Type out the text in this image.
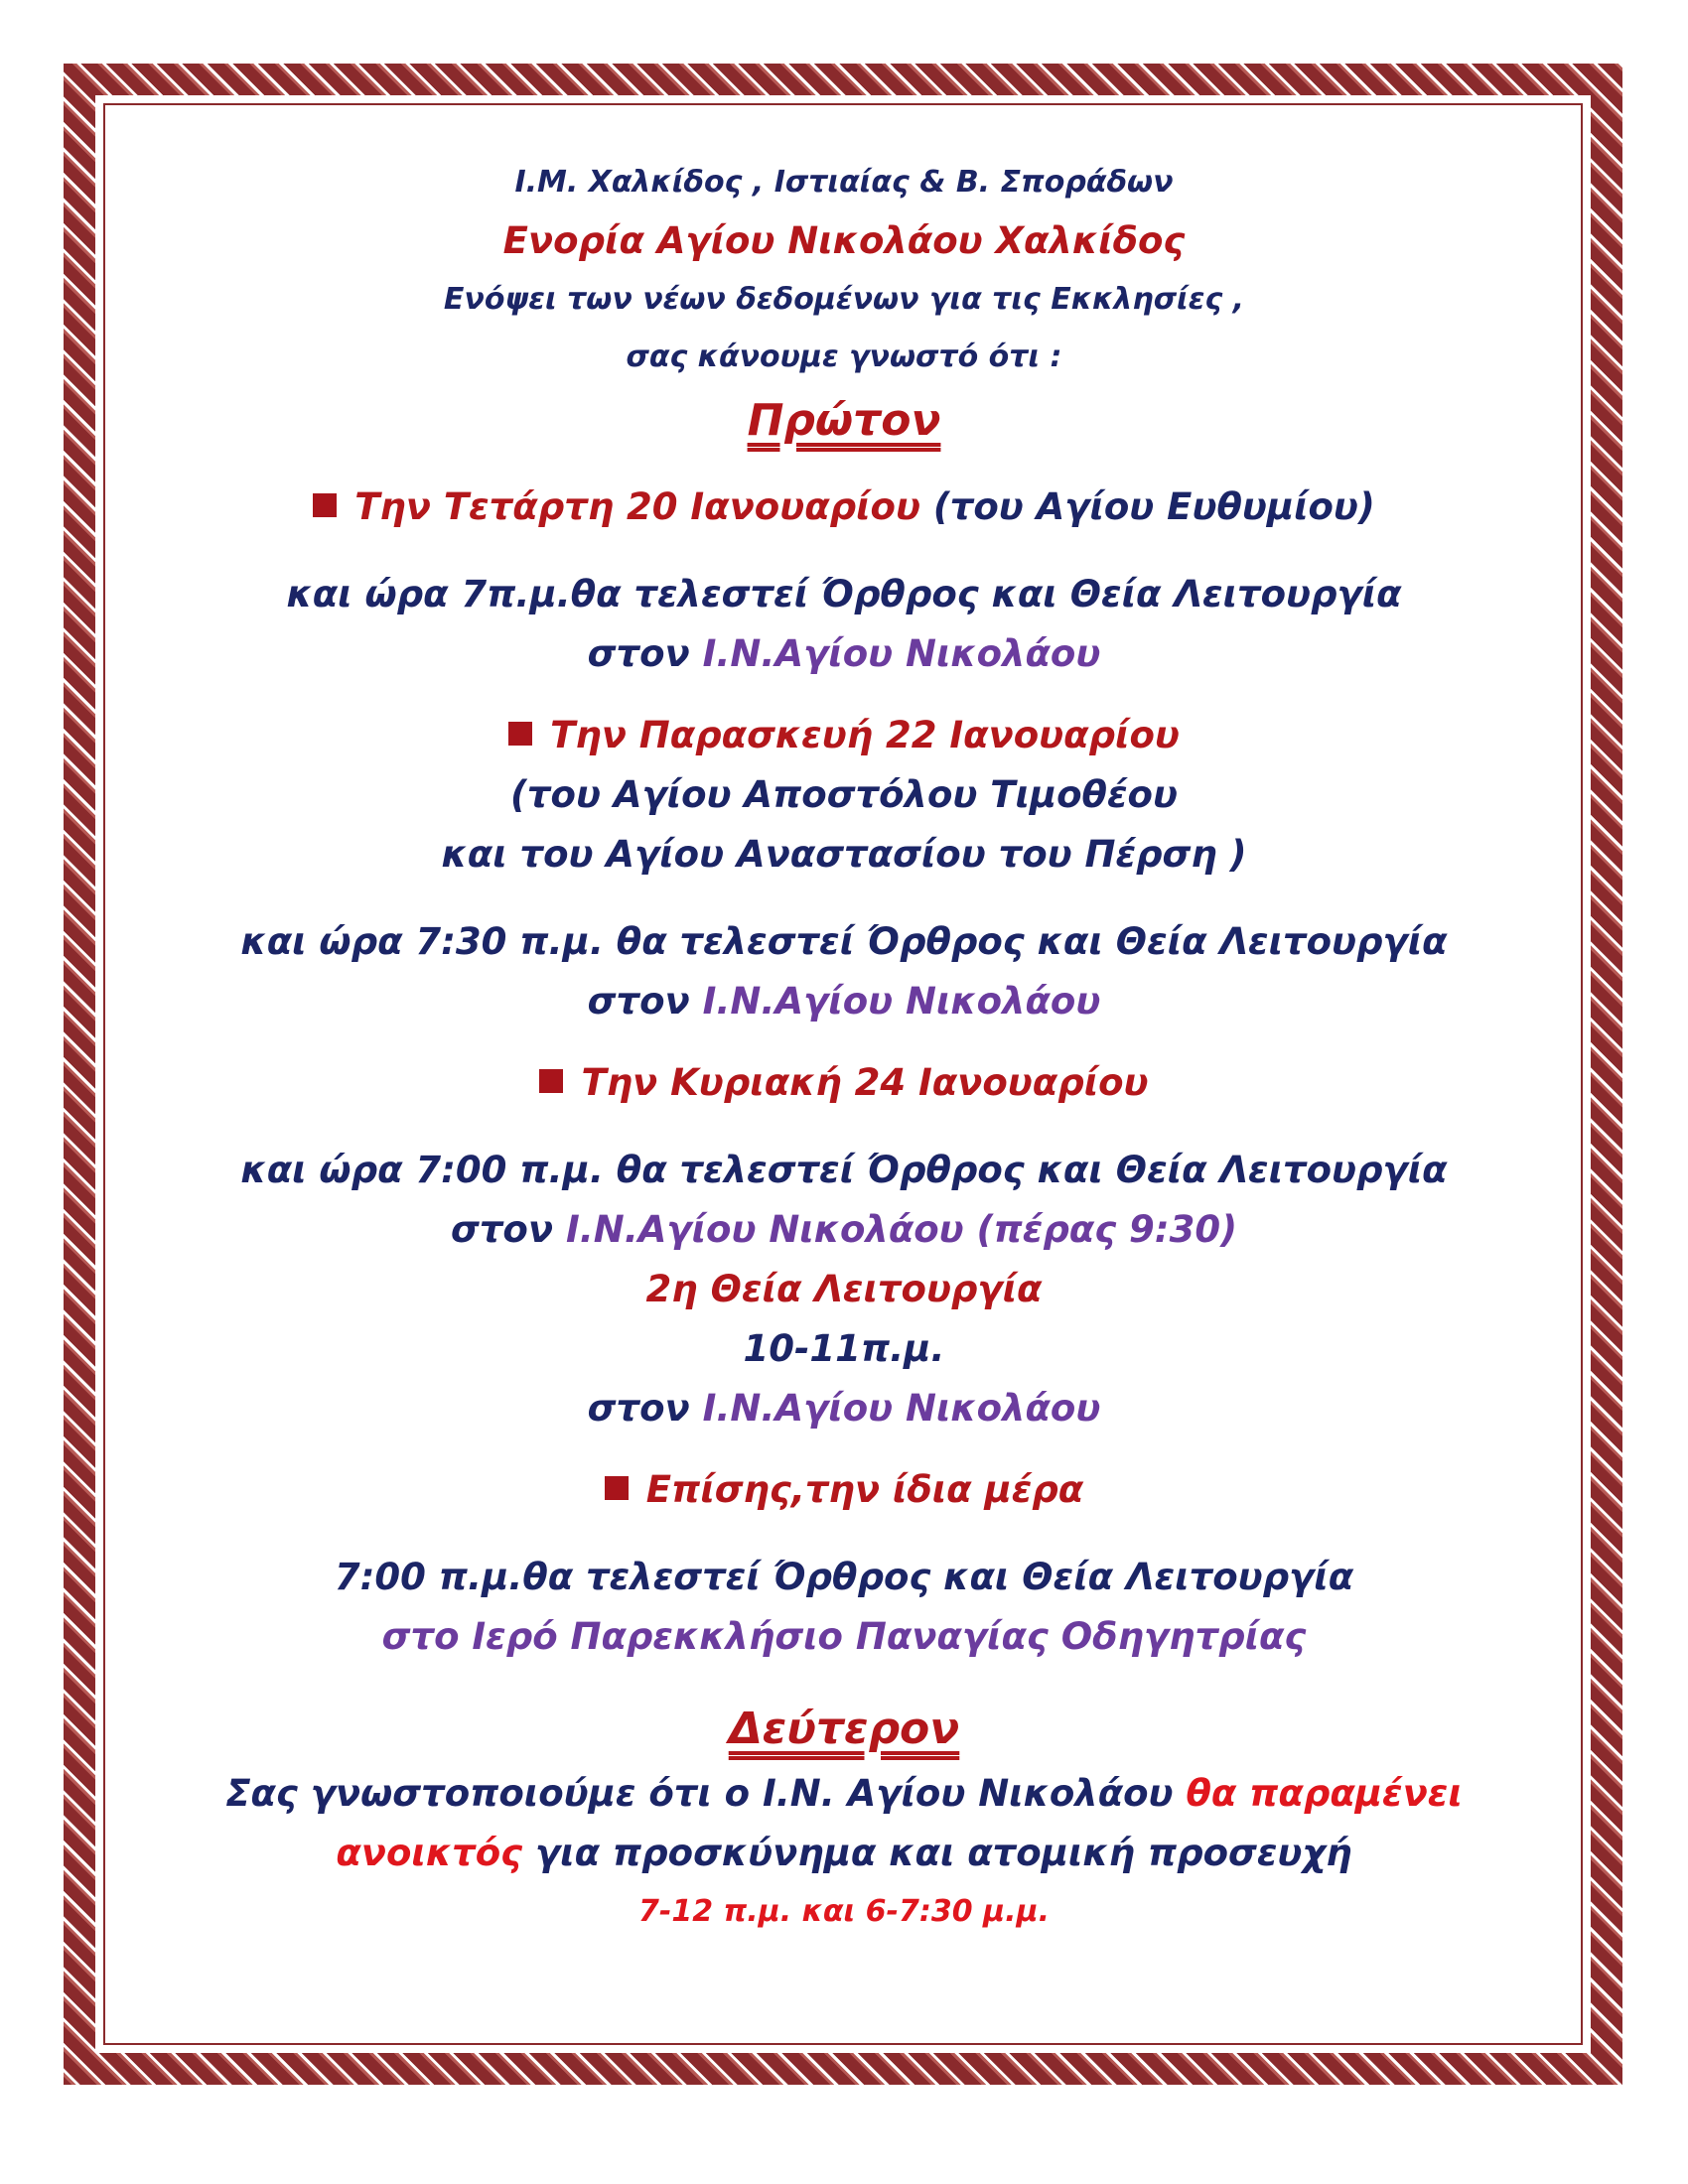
Ι.Μ. Χαλκίδος , Ιστιαίας & Β. Σποράδων
Ενορία Αγίου Νικολάου Χαλκίδος
Ενόψει των νέων δεδομένων για τις Εκκλησίες ,
σας κάνουμε γνωστό ότι :
Πρώτον
Την Τετάρτη 20 Ιανουαρίου (του Αγίου Ευθυμίου)
και ώρα 7π.μ.θα τελεστεί Όρθρος και Θεία Λειτουργία
στον Ι.Ν.Αγίου Νικολάου
Την Παρασκευή 22 Ιανουαρίου
(του Αγίου Αποστόλου Τιμοθέου
και του Αγίου Αναστασίου του Πέρση )
και ώρα 7:30 π.μ. θα τελεστεί Όρθρος και Θεία Λειτουργία
στον Ι.Ν.Αγίου Νικολάου
Την Κυριακή 24 Ιανουαρίου
και ώρα 7:00 π.μ. θα τελεστεί Όρθρος και Θεία Λειτουργία
στον Ι.Ν.Αγίου Νικολάου (πέρας 9:30)
2η Θεία Λειτουργία
10-11π.μ.
στον Ι.Ν.Αγίου Νικολάου
Επίσης,την ίδια μέρα
7:00 π.μ.θα τελεστεί Όρθρος και Θεία Λειτουργία
στο Ιερό Παρεκκλήσιο Παναγίας Οδηγητρίας
Δεύτερον
Σας γνωστοποιούμε ότι ο Ι.Ν. Αγίου Νικολάου θα παραμένει
ανοικτός για προσκύνημα και ατομική προσευχή
7-12 π.μ. και 6-7:30 μ.μ.
